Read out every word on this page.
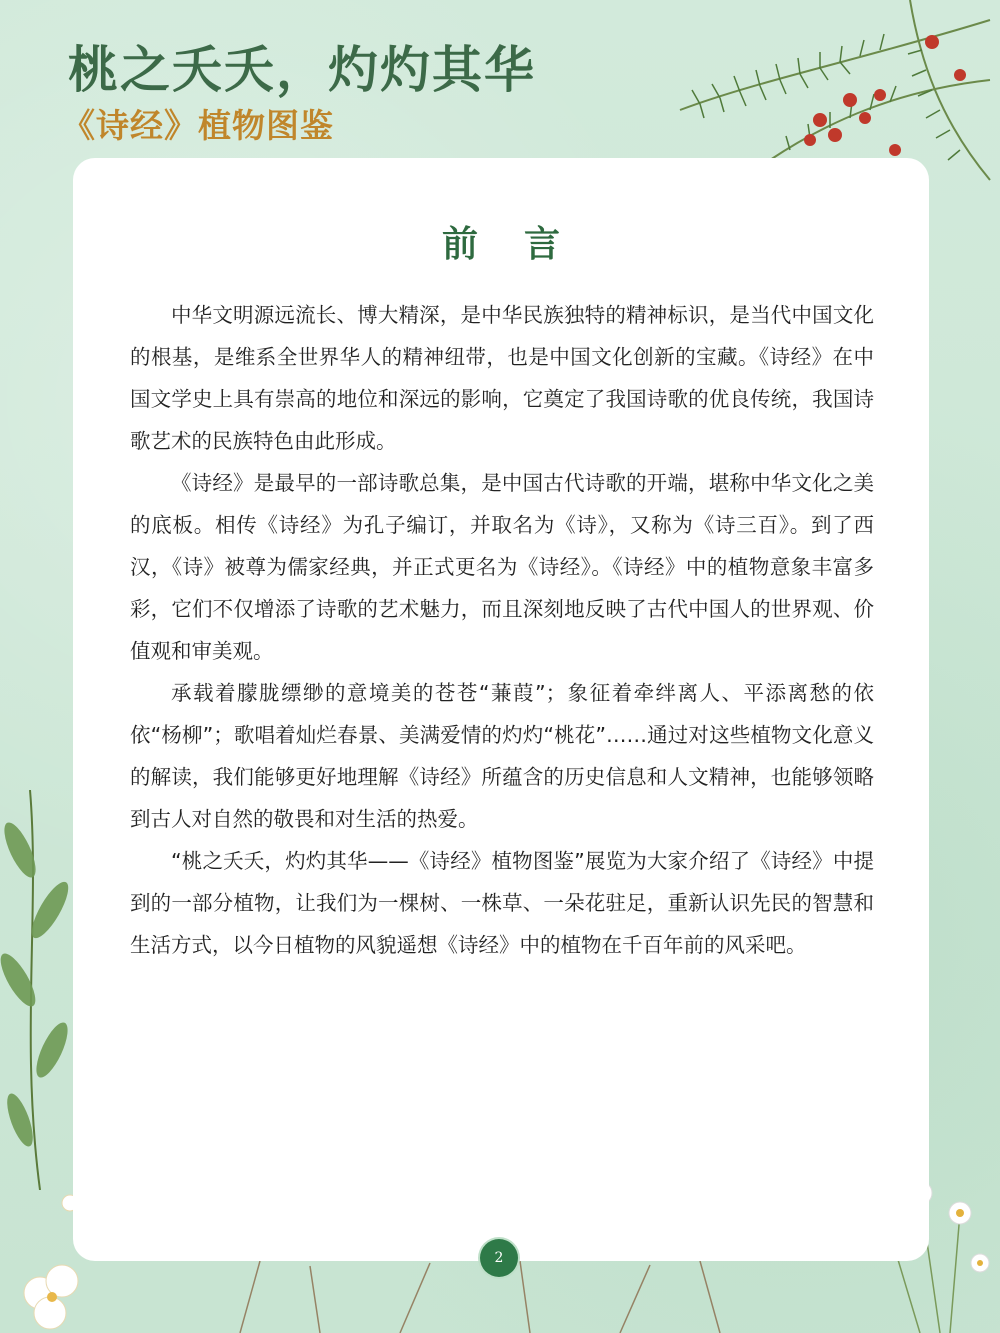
桃之夭夭，灼灼其华
《诗经》植物图鉴
前言

中华文明源远流长、博大精深，是中华民族独特的精神标识，是当代中国文化的根基，是维系全世界华人的精神纽带，也是中国文化创新的宝藏。《诗经》在中国文学史上具有崇高的地位和深远的影响，它奠定了我国诗歌的优良传统，我国诗歌艺术的民族特色由此形成。

《诗经》是最早的一部诗歌总集，是中国古代诗歌的开端，堪称中华文化之美的底板。相传《诗经》为孔子编订，并取名为《诗》，又称为《诗三百》。到了西汉，《诗》被尊为儒家经典，并正式更名为《诗经》。《诗经》中的植物意象丰富多彩，它们不仅增添了诗歌的艺术魅力，而且深刻地反映了古代中国人的世界观、价值观和审美观。

承载着朦胧缥缈的意境美的苍苍“蒹葭”；象征着牵绊离人、平添离愁的依依“杨柳”；歌唱着灿烂春景、美满爱情的灼灼“桃花”……通过对这些植物文化意义的解读，我们能够更好地理解《诗经》所蕴含的历史信息和人文精神，也能够领略到古人对自然的敬畏和对生活的热爱。

“桃之夭夭，灼灼其华——《诗经》植物图鉴”展览为大家介绍了《诗经》中提到的一部分植物，让我们为一棵树、一株草、一朵花驻足，重新认识先民的智慧和生活方式，以今日植物的风貌遥想《诗经》中的植物在千百年前的风采吧。

2
